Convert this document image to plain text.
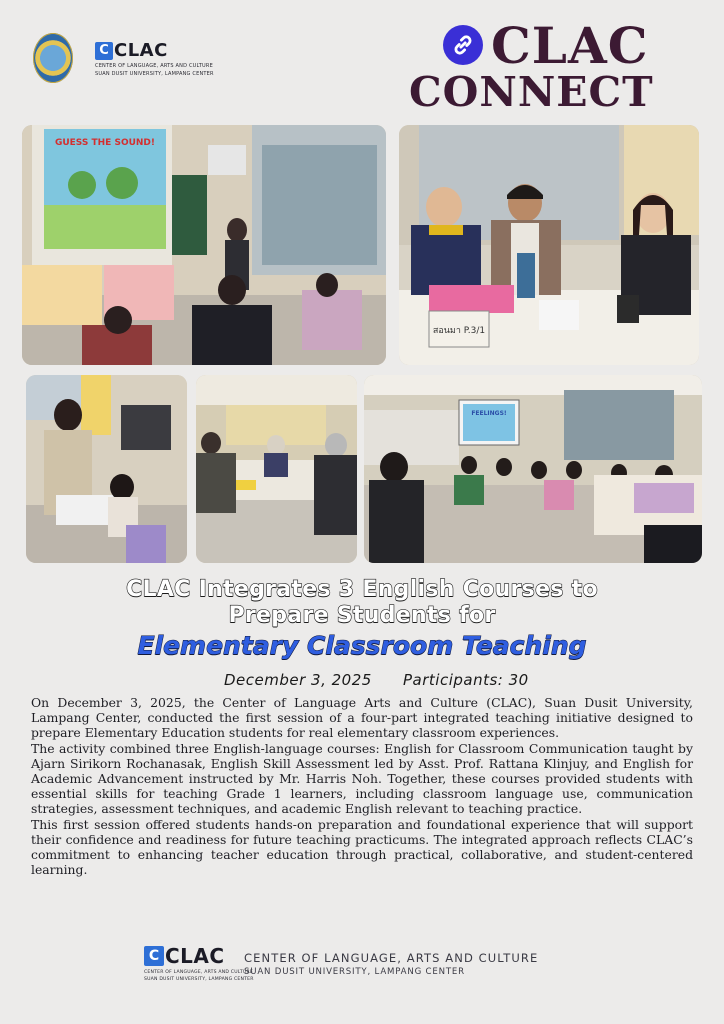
C CLAC
CENTER OF LANGUAGE, ARTS AND CULTURE
SUAN DUSIT UNIVERSITY, LAMPANG CENTER	CLAC
CONNECT
GUESS THE SOUND!
สอนมา P.3/1
FEELINGS!
CLAC Integrates 3 English Courses to
Prepare Students for
Elementary Classroom Teaching
December 3, 2025 Participants: 30

On December 3, 2025, the Center of Language Arts and Culture (CLAC), Suan Dusit University, Lampang Center, conducted the first session of a four-part integrated teaching initiative designed to prepare Elementary Education students for real elementary classroom experiences.

The activity combined three English-language courses: English for Classroom Communication taught by Ajarn Sirikorn Rochanasak, English Skill Assessment led by Asst. Prof. Rattana Klinjuy, and English for Academic Advancement instructed by Mr. Harris Noh. Together, these courses provided students with essential skills for teaching Grade 1 learners, including classroom language use, communication strategies, assessment techniques, and academic English relevant to teaching practice.

This first session offered students hands-on preparation and foundational experience that will support their confidence and readiness for future teaching practicums. The integrated approach reflects CLAC’s commitment to enhancing teacher education through practical, collaborative, and student-centered learning.

C CLAC
CENTER OF LANGUAGE, ARTS AND CULTURE
SUAN DUSIT UNIVERSITY, LAMPANG CENTER
CENTER OF LANGUAGE, ARTS AND CULTURE
SUAN DUSIT UNIVERSITY, LAMPANG CENTER
